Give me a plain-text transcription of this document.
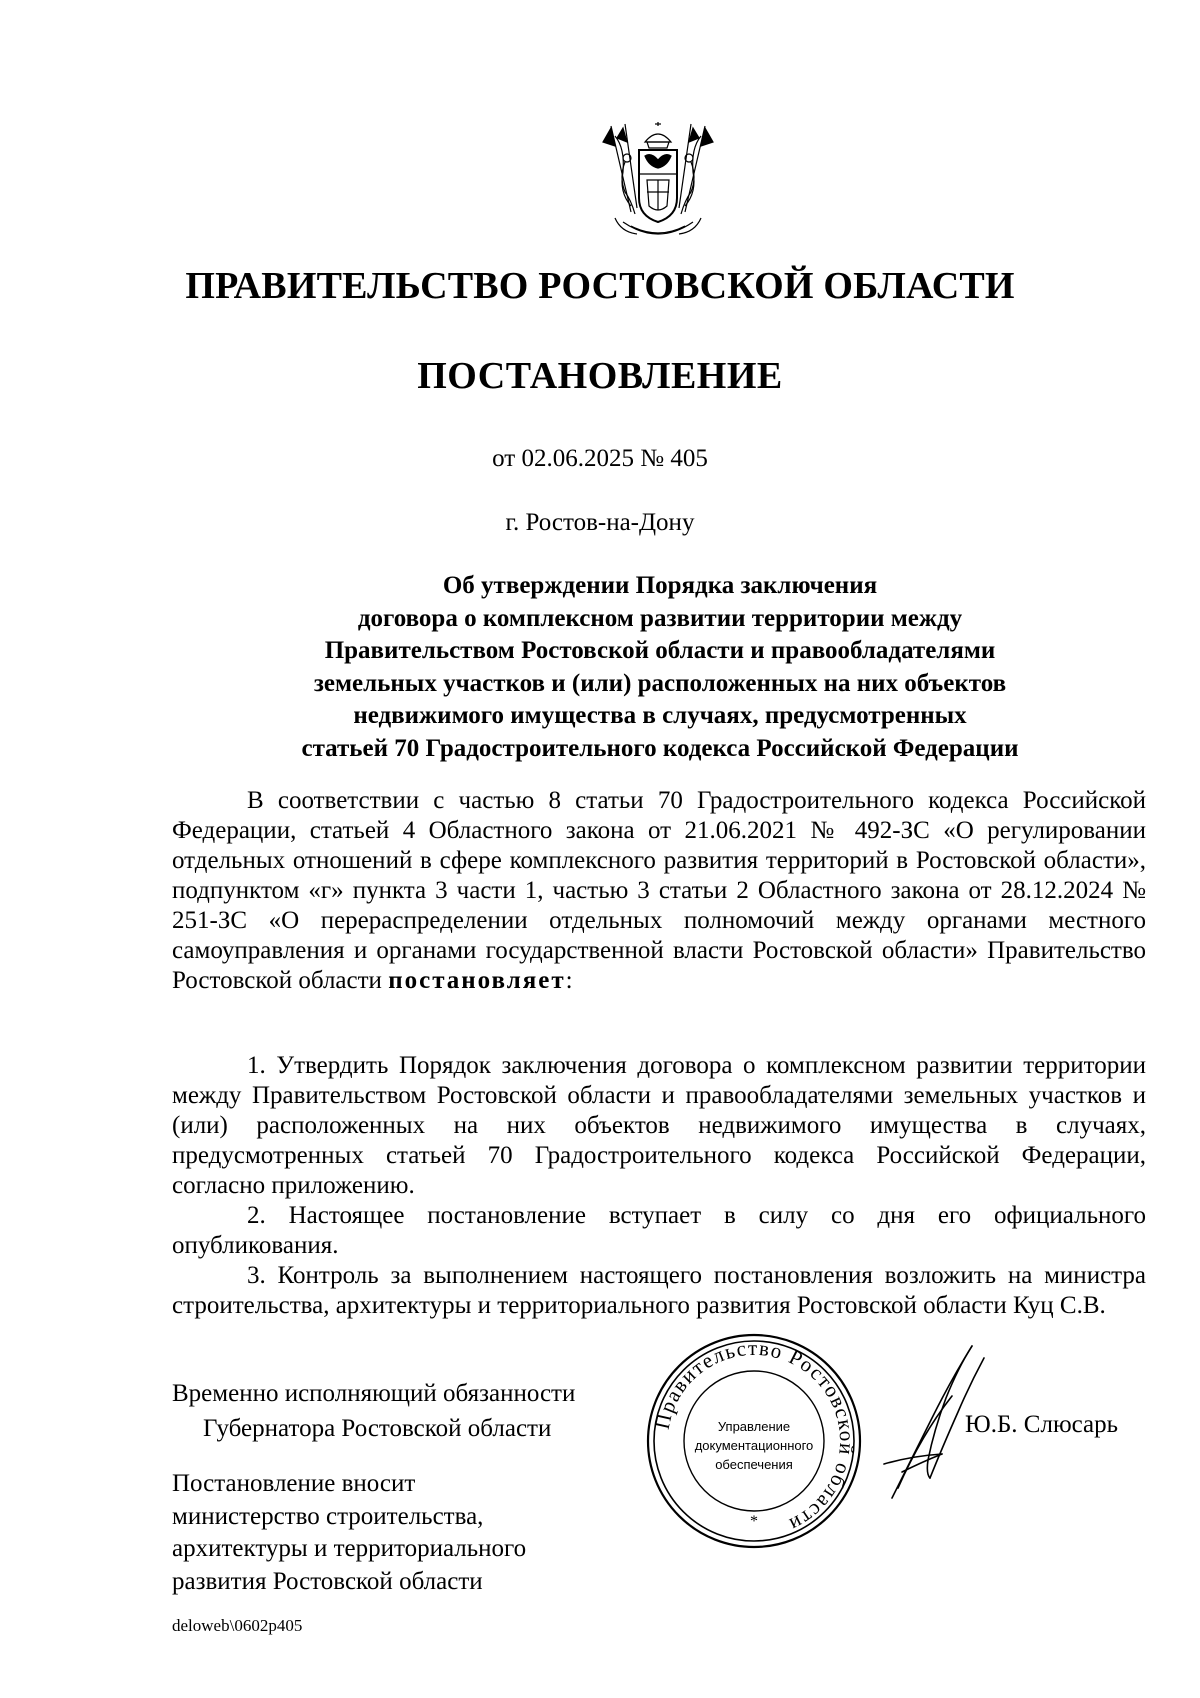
ПРАВИТЕЛЬСТВО РОСТОВСКОЙ ОБЛАСТИ
ПОСТАНОВЛЕНИЕ
от 02.06.2025 № 405
г. Ростов-на-Дону
Об утверждении Порядка заключения
договора о комплексном развитии территории между
Правительством Ростовской области и правообладателями
земельных участков и (или) расположенных на них объектов
недвижимого имущества в случаях, предусмотренных
статьей 70 Градостроительного кодекса Российской Федерации
В соответствии с частью 8 статьи 70 Градостроительного кодекса Российской Федерации, статьей 4 Областного закона от 21.06.2021 № 492-ЗС «О регулировании отдельных отношений в сфере комплексного развития территорий в Ростовской области», подпунктом «г» пункта 3 части 1, частью 3 статьи 2 Областного закона от 28.12.2024 № 251-ЗС «О перераспределении отдельных полномочий между органами местного самоуправления и органами государственной власти Ростовской области» Правительство Ростовской области постановляет:

1. Утвердить Порядок заключения договора о комплексном развитии территории между Правительством Ростовской области и правообладателями земельных участков и (или) расположенных на них объектов недвижимого имущества в случаях, предусмотренных статьей 70 Градостроительного кодекса Российской Федерации, согласно приложению.

2. Настоящее постановление вступает в силу со дня его официального опубликования.

3. Контроль за выполнением настоящего постановления возложить на министра строительства, архитектуры и территориального развития Ростовской области Куц С.В.

Временно исполняющий обязанности
Губернатора Ростовской области	Правительство Ростовской области
Управление
документационного
обеспечения
*
Ю.Б. Слюсарь
Постановление вносит
министерство строительства,
архитектуры и территориального
развития Ростовской области
deloweb\0602p405
